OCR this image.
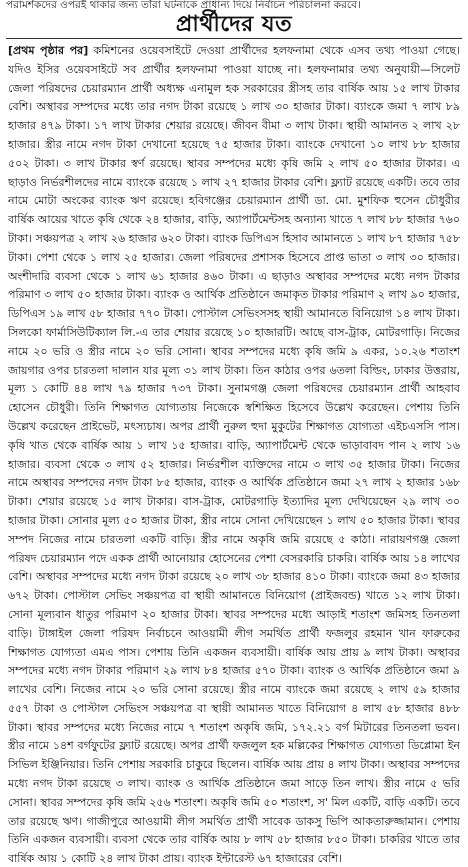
পরামর্শকদের ওপরই থাকার জন্য তাঁরা ঘটনাকে প্রাধান্য দিয়ে নির্বাচন পরিচালনা করবে।
প্রার্থীদের যত

[প্রথম পৃষ্ঠার পর] কমিশনের ওয়েবসাইটে দেওয়া প্রার্থীদের হলফনামা থেকে এসব তথ্য পাওয়া গেছে। যদিও ইসির ওয়েবসাইটে সব প্রার্থীর হলফনামা পাওয়া যাচ্ছে না। হলফনামার তথ্য অনুযায়ী—সিলেট জেলা পরিষদের চেয়ারম্যান প্রার্থী অধ্যক্ষ এনামুল হক সরকারের স্ত্রীসহ তার বার্ষিক আয় ১৫ লাখ টাকার বেশি। অস্থাবর সম্পদের মধ্যে তার নগদ টাকা রয়েছে ১ লাখ ৩০ হাজার টাকা। ব্যাংকে জমা ৭ লাখ ৮৯ হাজার ৪৭৯ টাকা। ১৭ লাখ টাকার শেয়ার রয়েছে। জীবন বীমা ৩ লাখ টাকা। স্থায়ী আমানত ২ লাখ ২৮ হাজার। স্ত্রীর নামে নগদ টাকা দেখানো হয়েছে ৭৫ হাজার টাকা। ব্যাংকে দেখানো ১০ লাখ ৮৮ হাজার ৫০২ টাকা। ৩ লাখ টাকার স্বর্ণ রয়েছে। স্থাবর সম্পদের মধ্যে কৃষি জমি ২ লাখ ৫০ হাজার টাকার। এ ছাড়াও নির্ভরশীলদের নামে ব্যাংকে রয়েছে ১ লাখ ২৭ হাজার টাকার বেশি। ফ্ল্যাট রয়েছে একটি। তবে তার নামে মোটা অংকের ব্যাংক ঋণ রয়েছে। হবিগঞ্জের চেয়ারম্যান প্রার্থী ডা. মো. মুশফিক হুসেন চৌধুরীর বার্ষিক আয়ের খাতে কৃষি থেকে ২৪ হাজার, বাড়ি, অ্যাপার্টমেন্টসহ অন্যান্য খাতে ৭ লাখ ৮৮ হাজার ৭৬০ টাকা। সঞ্চয়পত্র ২ লাখ ২৬ হাজার ৬২০ টাকা। ব্যাংক ডিপিএস হিসাব আমানতে ১ লাখ ৮৭ হাজার ৭৫৮ টাকা। পেশা থেকে ১ লাখ ২৫ হাজার। জেলা পরিষদের প্রশাসক হিসেবে প্রাপ্ত ভাতা ৩ লাখ ৩০ হাজার। অংশীদারি ব্যবসা থেকে ১ লাখ ৬১ হাজার ৪৬০ টাকা। এ ছাড়াও অস্থাবর সম্পদের মধ্যে নগদ টাকার পরিমাণ ৩ লাখ ৫০ হাজার টাকা। ব্যাংক ও আর্থিক প্রতিষ্ঠানে জমাকৃত টাকার পরিমাণ ২ লাখ ৯০ হাজার, ডিপিএস ১৯ লাখ ৫৮ হাজার ৭৭০ টাকা। পোস্টাল সেভিংসসহ স্থায়ী আমানতে বিনিয়োগ ১৪ লাখ টাকা। সিলকো ফার্মাসিউটিক্যাল লি.-এ তার শেয়ার রয়েছে ১০ হাজারটি। আছে বাস-ট্রাক, মোটরগাড়ি। নিজের নামে ২০ ভরি ও স্ত্রীর নামে ২০ ভরি সোনা। স্থাবর সম্পদের মধ্যে কৃষি জমি ৯ একর, ১০.২৬ শতাংশ জায়গার ওপর চারতলা দালান যার মূল্য ৩১ লাখ টাকা। তিন কাঠার ওপর ৬তলা বিল্ডিং, ঢাকার উত্তরায়, মূল্য ১ কোটি ৪৪ লাখ ৭৯ হাজার ৭৩৭ টাকা। সুনামগঞ্জ জেলা পরিষদের চেয়ারম্যান প্রার্থী আহবাব হোসেন চৌধুরী। তিনি শিক্ষাগত যোগ্যতায় নিজেকে স্বশিক্ষিত হিসেবে উল্লেখ করেছেন। পেশায় তিনি উল্লেখ করেছেন প্রাইভেট, মৎস্যচাষ। অপর প্রার্থী নুরুল হুদা মুকুটের শিক্ষাগত যোগ্যতা এইচএসসি পাস। কৃষি খাত থেকে বার্ষিক আয় ১ লাখ ১৫ হাজার। বাড়ি, অ্যাপার্টমেন্ট থেকে ভাড়াবাবদ পান ২ লাখ ১৬ হাজার। ব্যবসা থেকে ৩ লাখ ৫২ হাজার। নির্ভরশীল ব্যক্তিদের নামে ৩ লাখ ৩৫ হাজার টাকা। নিজের নামে অস্থাবর সম্পদের নগদ টাকা ৮৫ হাজার, ব্যাংক ও আর্থিক প্রতিষ্ঠানে জমা ২৭ লাখ ২ হাজার ১৬৮ টাকা। শেয়ার রয়েছে ১৫ লাখ টাকার। বাস-ট্রাক, মোটরগাড়ি ইত্যাদির মূল্য দেখিয়েছেন ২৯ লাখ ৩০ হাজার টাকা। সোনার মূল্য ৫০ হাজার টাকা, স্ত্রীর নামে সোনা দেখিয়েছেন ১ লাখ ৫০ হাজার টাকা। স্থাবর সম্পদ নিজের নামে চারতলা একটি বাড়ি। স্ত্রীর নামে অকৃষি জমি রয়েছে ৫ কাঠা। নারায়ণগঞ্জ জেলা পরিষদ চেয়ারম্যান পদে একক প্রার্থী আনোয়ার হোসেনের পেশা বেসরকারি চাকরি। বার্ষিক আয় ১৪ লাখের বেশি। অস্থাবর সম্পদের মধ্যে নগদ টাকা রয়েছে ২০ লাখ ৩৮ হাজার ৪১০ টাকা। ব্যাংকে জমা ৪৩ হাজার ৬৭২ টাকা। পোস্টাল সেভিং সঞ্চয়পত্র বা স্থায়ী আমানতে বিনিয়োগ (প্রাইজবন্ড) খাতে ১২ লাখ টাকা। সোনা মূল্যবান ধাতুর পরিমাণ ২০ হাজার টাকা। স্থাবর সম্পদের মধ্যে আড়াই শতাংশ জমিসহ তিনতলা বাড়ি। টাঙ্গাইল জেলা পরিষদ নির্বাচনে আওয়ামী লীগ সমর্থিত প্রার্থী ফজলুর রহমান খান ফারুকের শিক্ষাগত যোগ্যতা এমএ পাস। পেশায় তিনি একজন ব্যবসায়ী। বার্ষিক আয় প্রায় ৯ লাখ টাকা। অস্থাবর সম্পদের মধ্যে নগদ টাকার পরিমাণ ২৯ লাখ ৮৪ হাজার ৫৭০ টাকা। ব্যাংক ও আর্থিক প্রতিষ্ঠানে জমা ৯ লাখের বেশি। নিজের নামে ২০ ভরি সোনা রয়েছে। স্ত্রীর নামে ব্যাংকে জমা রয়েছে ২ লাখ ৫৯ হাজার ৫৫৭ টাকা ও পোস্টাল সেভিংস সঞ্চয়পত্র বা স্থায়ী আমানত খাতে বিনিয়োগ ৪ লাখ ৫৮ হাজার ৪৮৮ টাকা। স্থাবর সম্পদের মধ্যে নিজের নামে ৭ শতাংশ অকৃষি জমি, ১৭২.২১ বর্গ মিটারের তিনতলা ভবন। স্ত্রীর নামে ১৪শ বর্গফুটের ফ্ল্যাট রয়েছে। অপর প্রার্থী ফজলুল হক মল্লিকের শিক্ষাগত যোগ্যতা ডিপ্লোমা ইন সিভিল ইঞ্জিনিয়ার। তিনি পেশায় সরকারি চাকুরে ছিলেন। বার্ষিক আয় প্রায় ৪ লাখ টাকা। অস্থাবর সম্পদের মধ্যে নগদ টাকা রয়েছে ৩ লাখ। ব্যাংক ও আর্থিক প্রতিষ্ঠানে জমা সাড়ে তিন লাখ। স্ত্রীর নামে ৫ ভরি সোনা। স্থাবর সম্পদের কৃষি জমি ২৫৬ শতাংশ। অকৃষি জমি ৫০ শতাংশ, স' মিল একটি, বাড়ি একটি। তবে তার রয়েছে ঋণ। গাজীপুরে আওয়ামী লীগ সমর্থিত প্রার্থী সাবেক ডাকসু ভিপি আকতারুজ্জামান। পেশায় তিনি একজন ব্যবসায়ী। ব্যবসা থেকে তার বার্ষিক আয় ৮ লাখ ৫৮ হাজার ৮৫০ টাকা। চাকরির খাতে তার বার্ষিক আয় ১ কোটি ২৪ লাখ টাকা প্রায়। ব্যাংক ইন্টারেস্ট ৬৭ হাজারের বেশি।
